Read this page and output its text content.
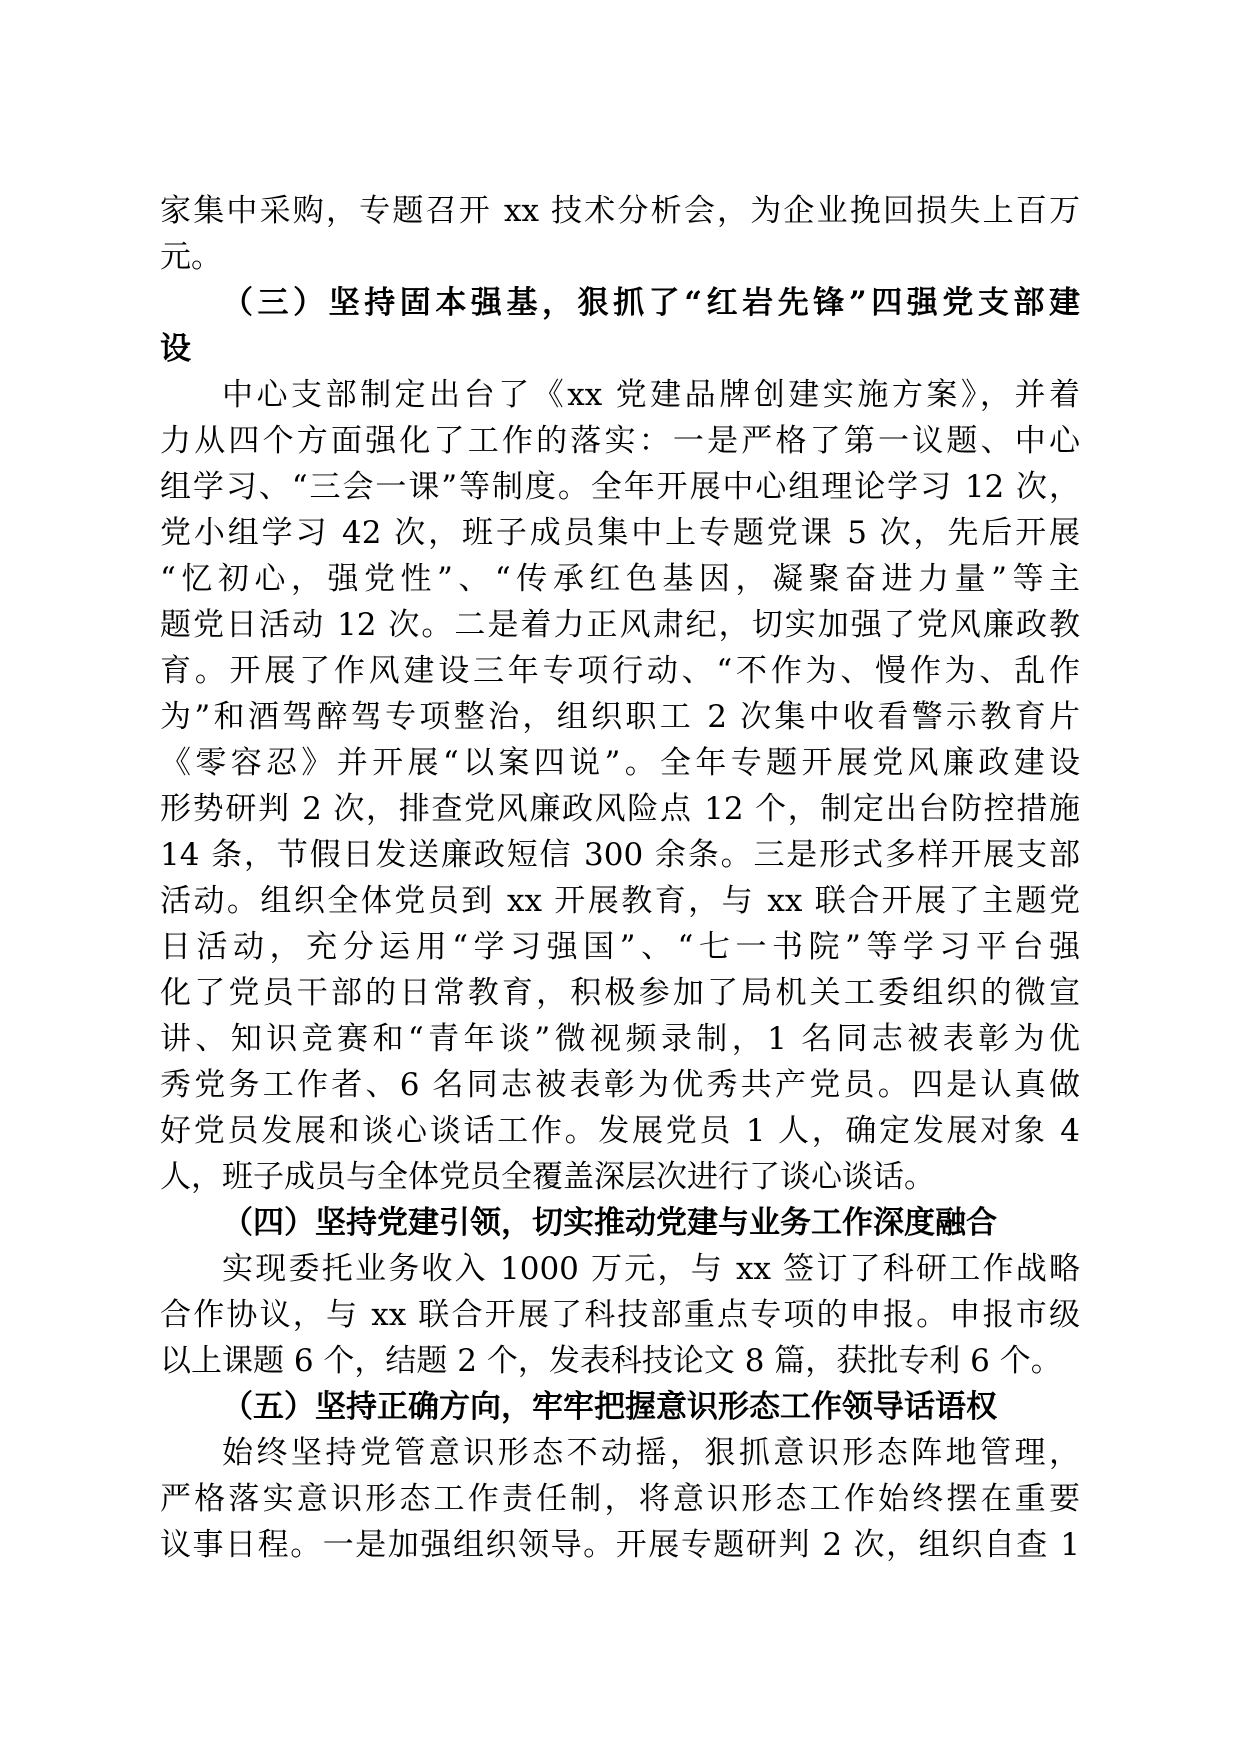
家集中采购，专题召开 xx 技术分析会，为企业挽回损失上百万
元。
（三）坚持固本强基，狠抓了“红岩先锋”四强党支部建
设
中心支部制定出台了《xx 党建品牌创建实施方案》，并着
力从四个方面强化了工作的落实：一是严格了第一议题、中心
组学习、“三会一课”等制度。全年开展中心组理论学习 12 次，
党小组学习 42 次，班子成员集中上专题党课 5 次，先后开展
“忆初心，强党性”、“传承红色基因，凝聚奋进力量”等主
题党日活动 12 次。二是着力正风肃纪，切实加强了党风廉政教
育。开展了作风建设三年专项行动、“不作为、慢作为、乱作
为”和酒驾醉驾专项整治，组织职工 2 次集中收看警示教育片
《零容忍》并开展“以案四说”。全年专题开展党风廉政建设
形势研判 2 次，排查党风廉政风险点 12 个，制定出台防控措施
14 条，节假日发送廉政短信 300 余条。三是形式多样开展支部
活动。组织全体党员到 xx 开展教育，与 xx 联合开展了主题党
日活动，充分运用“学习强国”、“七一书院”等学习平台强
化了党员干部的日常教育，积极参加了局机关工委组织的微宣
讲、知识竞赛和“青年谈”微视频录制，1 名同志被表彰为优
秀党务工作者、6 名同志被表彰为优秀共产党员。四是认真做
好党员发展和谈心谈话工作。发展党员 1 人，确定发展对象 4
人，班子成员与全体党员全覆盖深层次进行了谈心谈话。
（四）坚持党建引领，切实推动党建与业务工作深度融合
实现委托业务收入 1000 万元，与 xx 签订了科研工作战略
合作协议，与 xx 联合开展了科技部重点专项的申报。申报市级
以上课题 6 个，结题 2 个，发表科技论文 8 篇，获批专利 6 个。
（五）坚持正确方向，牢牢把握意识形态工作领导话语权
始终坚持党管意识形态不动摇，狠抓意识形态阵地管理，
严格落实意识形态工作责任制，将意识形态工作始终摆在重要
议事日程。一是加强组织领导。开展专题研判 2 次，组织自查 1
